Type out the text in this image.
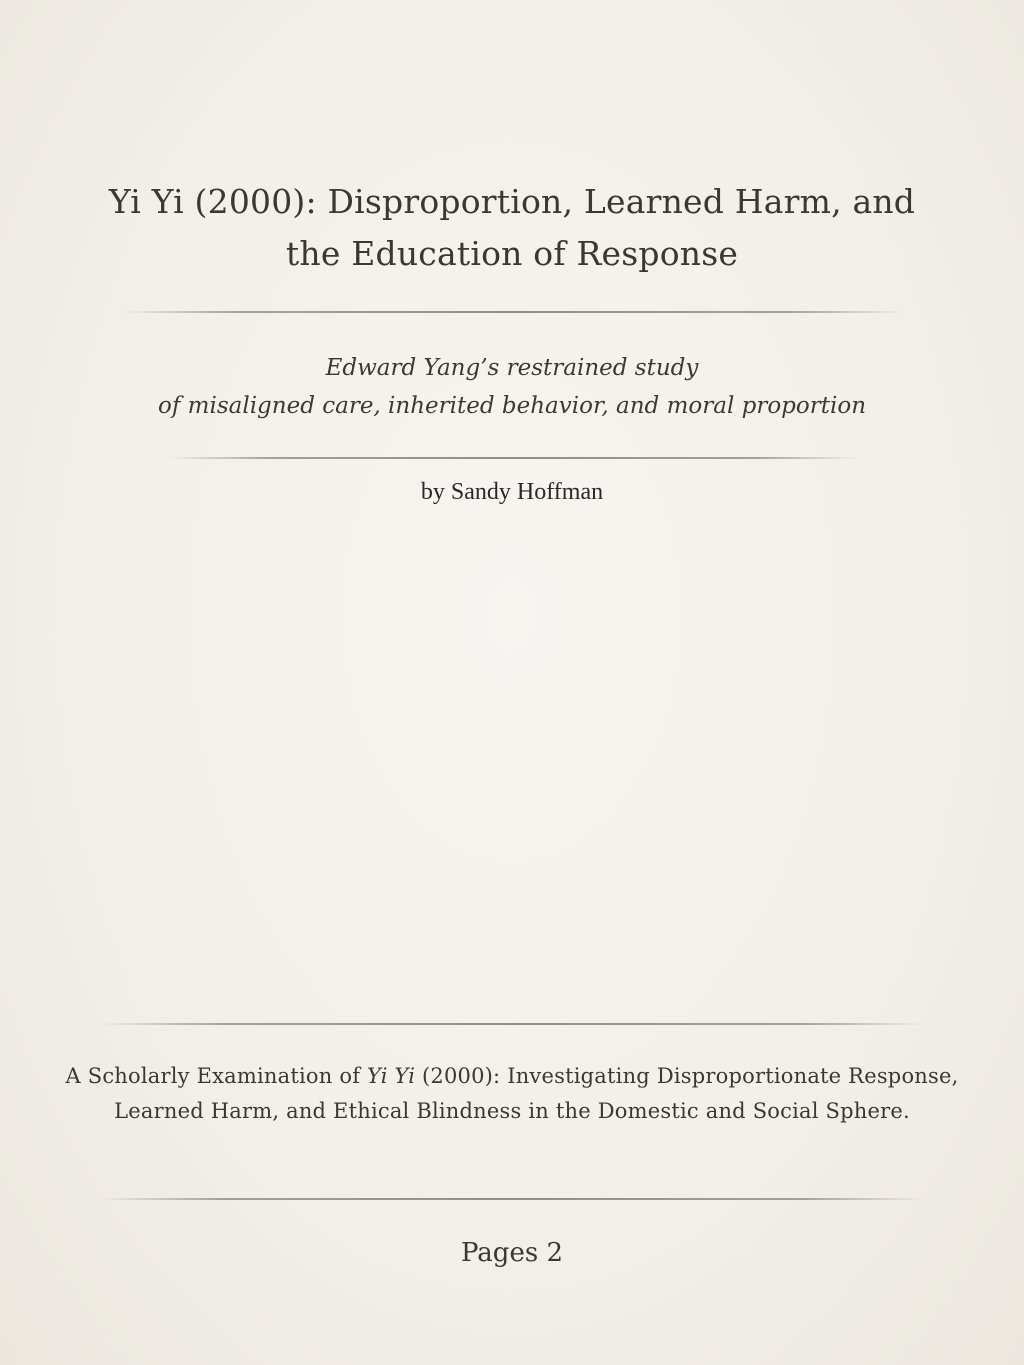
Yi Yi (2000): Disproportion, Learned Harm, and
the Education of Response
Edward Yang’s restrained study
of misaligned care, inherited behavior, and moral proportion
by Sandy Hoffman
A Scholarly Examination of Yi Yi (2000): Investigating Disproportionate Response,
Learned Harm, and Ethical Blindness in the Domestic and Social Sphere.
Pages 2
